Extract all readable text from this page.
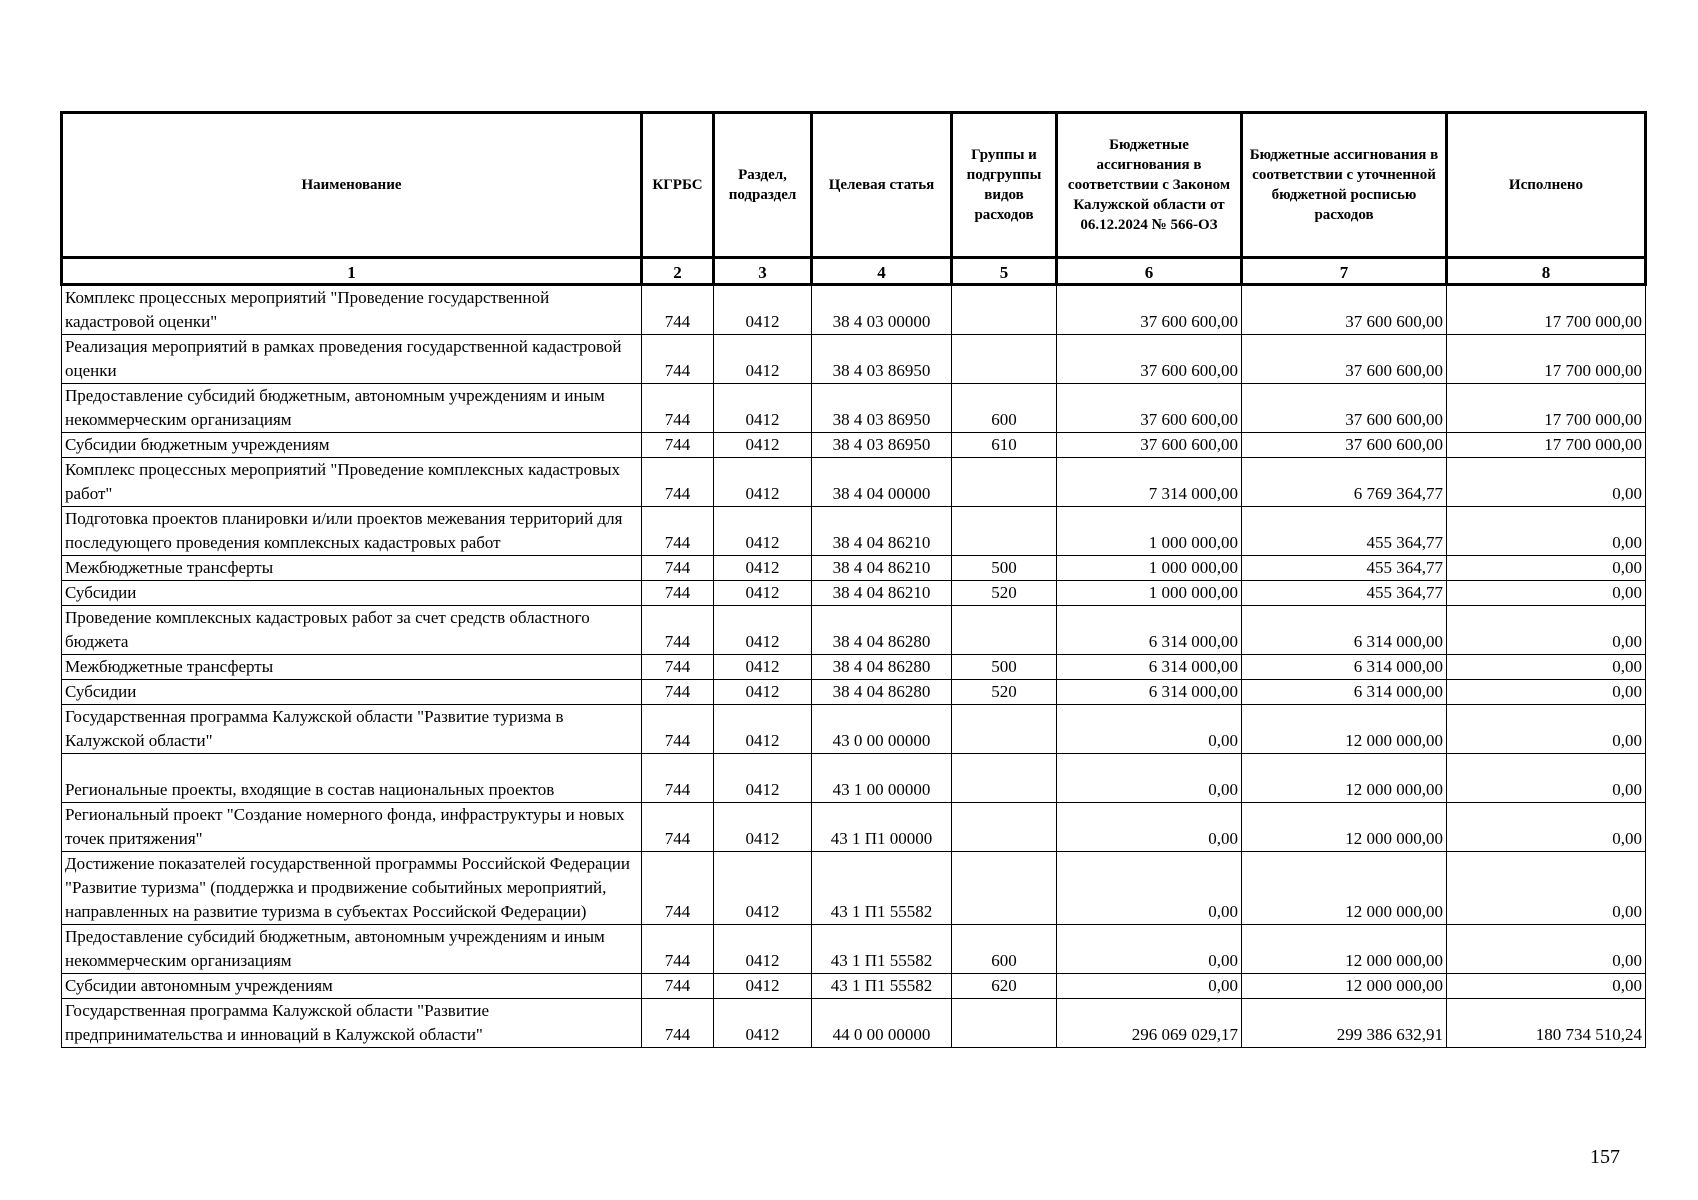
Наименование	КГРБС	Раздел, подраздел	Целевая статья	Группы и подгруппы видов расходов	Бюджетные ассигнования в соответствии с Законом Калужской области от 06.12.2024 № 566-ОЗ	Бюджетные ассигнования в соответствии с уточненной бюджетной росписью расходов	Исполнено
1	2	3	4	5	6	7	8
Комплекс процессных мероприятий "Проведение государственной кадастровой оценки"	744	0412	38 4 03 00000		37 600 600,00	37 600 600,00	17 700 000,00
Реализация мероприятий в рамках проведения государственной кадастровой оценки	744	0412	38 4 03 86950		37 600 600,00	37 600 600,00	17 700 000,00
Предоставление субсидий бюджетным, автономным учреждениям и иным некоммерческим организациям	744	0412	38 4 03 86950	600	37 600 600,00	37 600 600,00	17 700 000,00
Субсидии бюджетным учреждениям	744	0412	38 4 03 86950	610	37 600 600,00	37 600 600,00	17 700 000,00
Комплекс процессных мероприятий "Проведение комплексных кадастровых работ"	744	0412	38 4 04 00000		7 314 000,00	6 769 364,77	0,00
Подготовка проектов планировки и/или проектов межевания территорий для последующего проведения комплексных кадастровых работ	744	0412	38 4 04 86210		1 000 000,00	455 364,77	0,00
Межбюджетные трансферты	744	0412	38 4 04 86210	500	1 000 000,00	455 364,77	0,00
Субсидии	744	0412	38 4 04 86210	520	1 000 000,00	455 364,77	0,00
Проведение комплексных кадастровых работ за счет средств областного бюджета	744	0412	38 4 04 86280		6 314 000,00	6 314 000,00	0,00
Межбюджетные трансферты	744	0412	38 4 04 86280	500	6 314 000,00	6 314 000,00	0,00
Субсидии	744	0412	38 4 04 86280	520	6 314 000,00	6 314 000,00	0,00
Государственная программа Калужской области "Развитие туризма в Калужской области"	744	0412	43 0 00 00000		0,00	12 000 000,00	0,00
Региональные проекты, входящие в состав национальных проектов	744	0412	43 1 00 00000		0,00	12 000 000,00	0,00
Региональный проект "Создание номерного фонда, инфраструктуры и новых точек притяжения"	744	0412	43 1 П1 00000		0,00	12 000 000,00	0,00
Достижение показателей государственной программы Российской Федерации "Развитие туризма" (поддержка и продвижение событийных мероприятий, направленных на развитие туризма в субъектах Российской Федерации)	744	0412	43 1 П1 55582		0,00	12 000 000,00	0,00
Предоставление субсидий бюджетным, автономным учреждениям и иным некоммерческим организациям	744	0412	43 1 П1 55582	600	0,00	12 000 000,00	0,00
Субсидии автономным учреждениям	744	0412	43 1 П1 55582	620	0,00	12 000 000,00	0,00
Государственная программа Калужской области "Развитие предпринимательства и инноваций в Калужской области"	744	0412	44 0 00 00000		296 069 029,17	299 386 632,91	180 734 510,24
157
